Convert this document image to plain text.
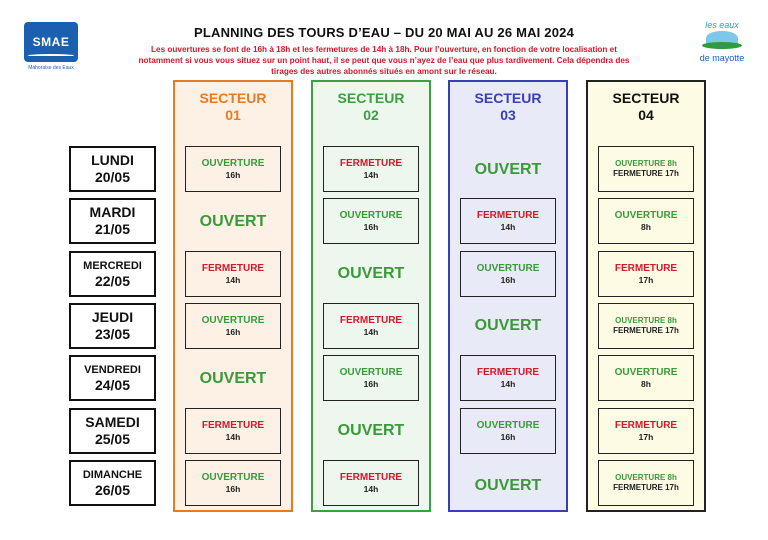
SMAE
Mahoraise des Eaux
les eaux
de mayotte
PLANNING DES TOURS D’EAU – DU 20 MAI AU 26 MAI 2024
Les ouvertures se font de 16h à 18h et les fermetures de 14h à 18h. Pour l’ouverture, en fonction de votre localisation et
notamment si vous vous situez sur un point haut, il se peut que vous n’ayez de l’eau que plus tardivement. Cela dépendra des
tirages des autres abonnés situés en amont sur le réseau.
SECTEUR
01
SECTEUR
02
SECTEUR
03
SECTEUR
04
LUNDI
20/05
MARDI
21/05
MERCREDI
22/05
JEUDI
23/05
VENDREDI
24/05
SAMEDI
25/05
DIMANCHE
26/05
OUVERTURE
16h
OUVERT
FERMETURE
14h
OUVERTURE
16h
OUVERT
FERMETURE
14h
OUVERTURE
16h
FERMETURE
14h
OUVERTURE
16h
OUVERT
FERMETURE
14h
OUVERTURE
16h
OUVERT
FERMETURE
14h
OUVERT
FERMETURE
14h
OUVERTURE
16h
OUVERT
FERMETURE
14h
OUVERTURE
16h
OUVERT
OUVERTURE 8h
FERMETURE 17h
OUVERTURE
8h
FERMETURE
17h
OUVERTURE 8h
FERMETURE 17h
OUVERTURE
8h
FERMETURE
17h
OUVERTURE 8h
FERMETURE 17h
